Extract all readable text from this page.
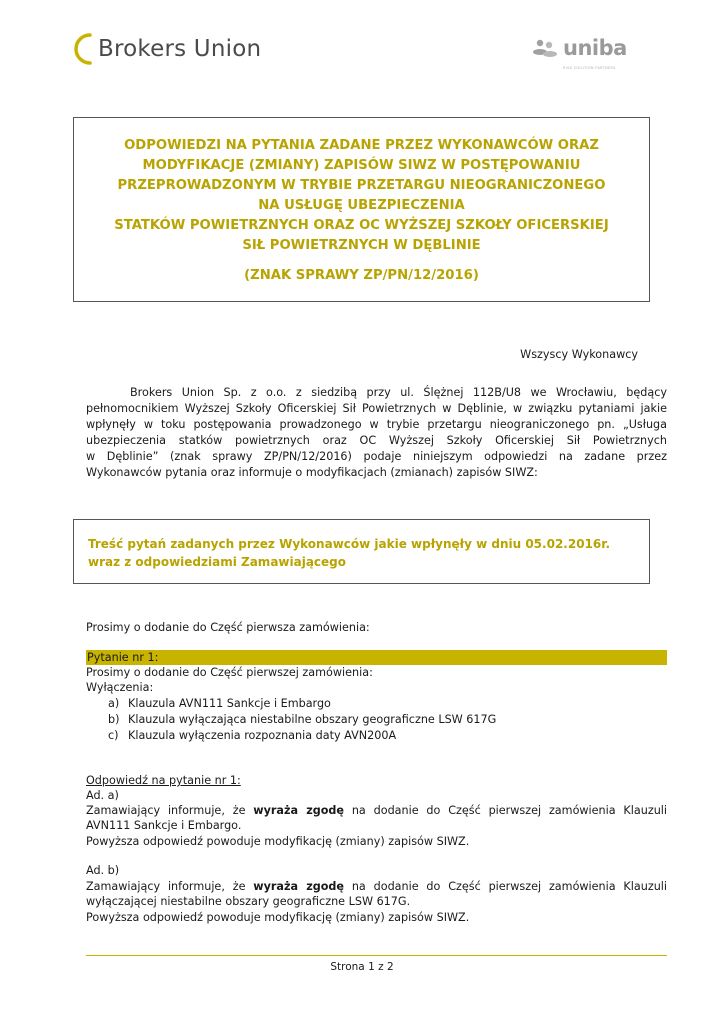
Brokers Union	uniba
RISK SOLUTION PARTNERS
ODPOWIEDZI NA PYTANIA ZADANE PRZEZ WYKONAWCÓW ORAZ
MODYFIKACJE (ZMIANY) ZAPISÓW SIWZ W POSTĘPOWANIU
PRZEPROWADZONYM W TRYBIE PRZETARGU NIEOGRANICZONEGO
NA USŁUGĘ UBEZPIECZENIA
STATKÓW POWIETRZNYCH ORAZ OC WYŻSZEJ SZKOŁY OFICERSKIEJ
SIŁ POWIETRZNYCH W DĘBLINIE
(ZNAK SPRAWY ZP/PN/12/2016)
Wszyscy Wykonawcy
Brokers Union Sp. z o.o. z siedzibą przy ul. Ślężnej 112B/U8 we Wrocławiu, będący
pełnomocnikiem Wyższej Szkoły Oficerskiej Sił Powietrznych w Dęblinie, w związku pytaniami jakie
wpłynęły w toku postępowania prowadzonego w trybie przetargu nieograniczonego pn. „Usługa
ubezpieczenia statków powietrznych oraz OC Wyższej Szkoły Oficerskiej Sił Powietrznych
w Dęblinie” (znak sprawy ZP/PN/12/2016) podaje niniejszym odpowiedzi na zadane przez
Wykonawców pytania oraz informuje o modyfikacjach (zmianach) zapisów SIWZ:
Treść pytań zadanych przez Wykonawców jakie wpłynęły w dniu 05.02.2016r.
wraz z odpowiedziami Zamawiającego
Prosimy o dodanie do Część pierwsza zamówienia:
Pytanie nr 1:
Prosimy o dodanie do Część pierwszej zamówienia:
Wyłączenia:
a) Klauzula AVN111 Sankcje i Embargo
b) Klauzula wyłączająca niestabilne obszary geograficzne LSW 617G
c) Klauzula wyłączenia rozpoznania daty AVN200A
Odpowiedź na pytanie nr 1:
Ad. a)
Zamawiający informuje, że wyraża zgodę na dodanie do Część pierwszej zamówienia Klauzuli
AVN111 Sankcje i Embargo.
Powyższa odpowiedź powoduje modyfikację (zmiany) zapisów SIWZ.
Ad. b)
Zamawiający informuje, że wyraża zgodę na dodanie do Część pierwszej zamówienia Klauzuli
wyłączającej niestabilne obszary geograficzne LSW 617G.
Powyższa odpowiedź powoduje modyfikację (zmiany) zapisów SIWZ.
Strona 1 z 2
